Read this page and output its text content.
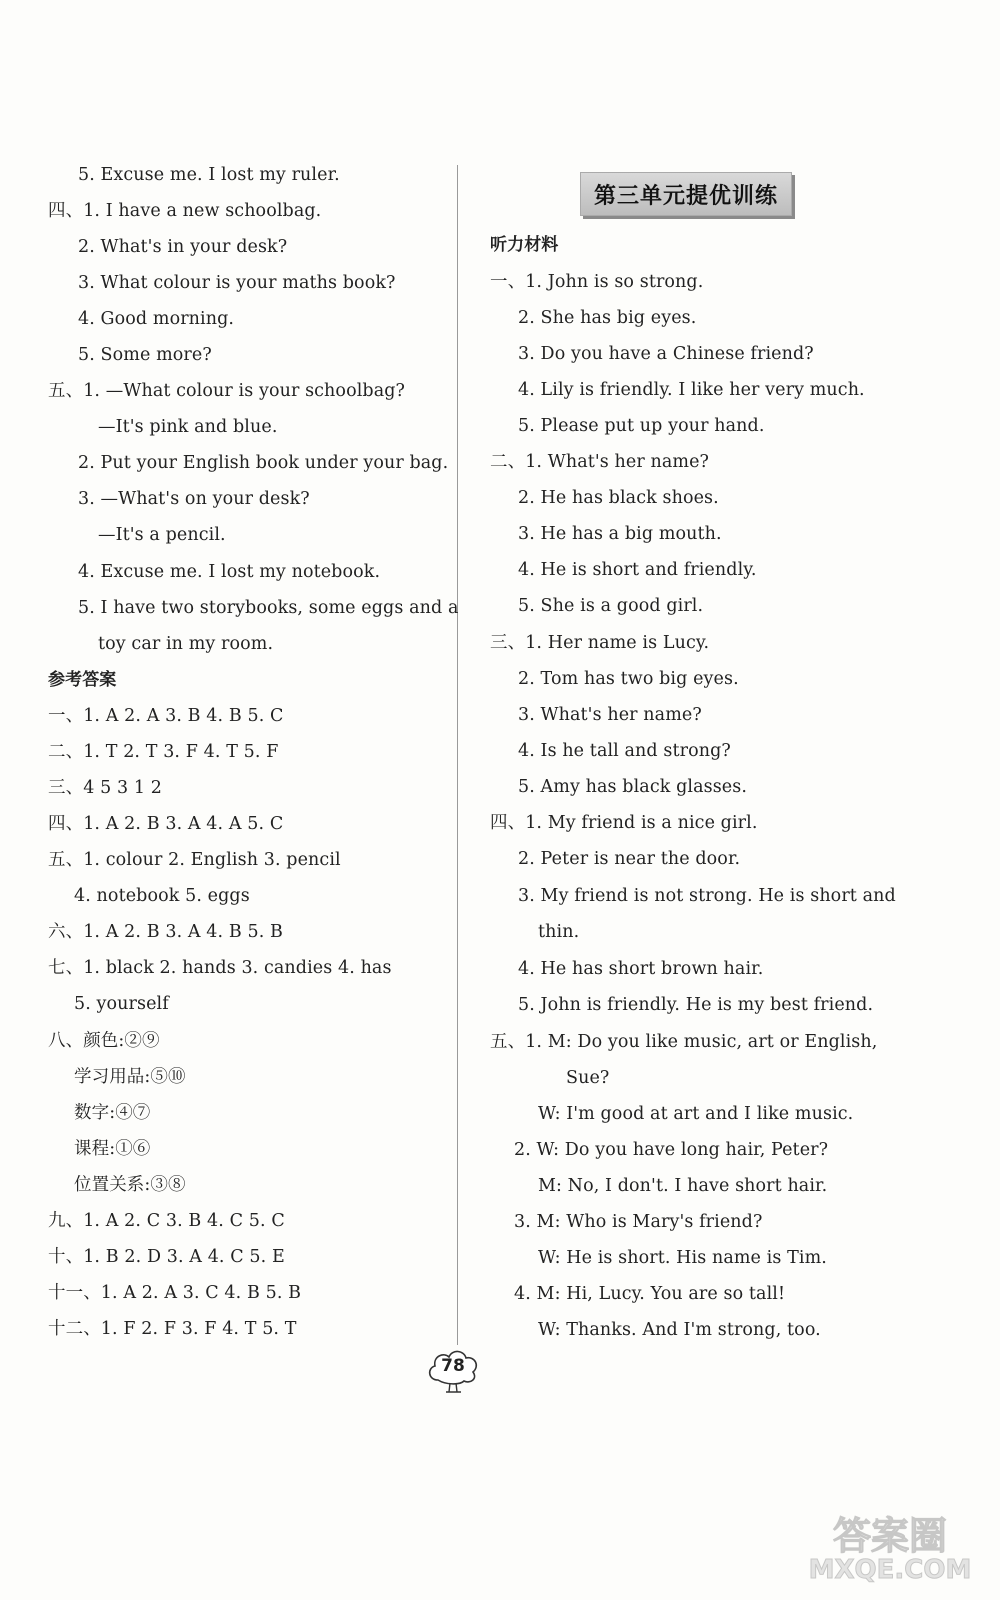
5. Excuse me. I lost my ruler.
四、1. I have a new schoolbag.
2. What's in your desk?
3. What colour is your maths book?
4. Good morning.
5. Some more?
五、1. —What colour is your schoolbag?
—It's pink and blue.
2. Put your English book under your bag.
3. —What's on your desk?
—It's a pencil.
4. Excuse me. I lost my notebook.
5. I have two storybooks, some eggs and a
toy car in my room.
参考答案
一、1. A 2. A 3. B 4. B 5. C
二、1. T 2. T 3. F 4. T 5. F
三、4 5 3 1 2
四、1. A 2. B 3. A 4. A 5. C
五、1. colour 2. English 3. pencil
4. notebook 5. eggs
六、1. A 2. B 3. A 4. B 5. B
七、1. black 2. hands 3. candies 4. has
5. yourself
八、颜色:②⑨
学习用品:⑤⑩
数字:④⑦
课程:①⑥
位置关系:③⑧
九、1. A 2. C 3. B 4. C 5. C
十、1. B 2. D 3. A 4. C 5. E
十一、1. A 2. A 3. C 4. B 5. B
十二、1. F 2. F 3. F 4. T 5. T
第三单元提优训练
听力材料
一、1. John is so strong.
2. She has big eyes.
3. Do you have a Chinese friend?
4. Lily is friendly. I like her very much.
5. Please put up your hand.
二、1. What's her name?
2. He has black shoes.
3. He has a big mouth.
4. He is short and friendly.
5. She is a good girl.
三、1. Her name is Lucy.
2. Tom has two big eyes.
3. What's her name?
4. Is he tall and strong?
5. Amy has black glasses.
四、1. My friend is a nice girl.
2. Peter is near the door.
3. My friend is not strong. He is short and
thin.
4. He has short brown hair.
5. John is friendly. He is my best friend.
五、1. M: Do you like music, art or English,
Sue?
W: I'm good at art and I like music.
2. W: Do you have long hair, Peter?
M: No, I don't. I have short hair.
3. M: Who is Mary's friend?
W: He is short. His name is Tim.
4. M: Hi, Lucy. You are so tall!
W: Thanks. And I'm strong, too.
78
答案圈
MXQE.COM
